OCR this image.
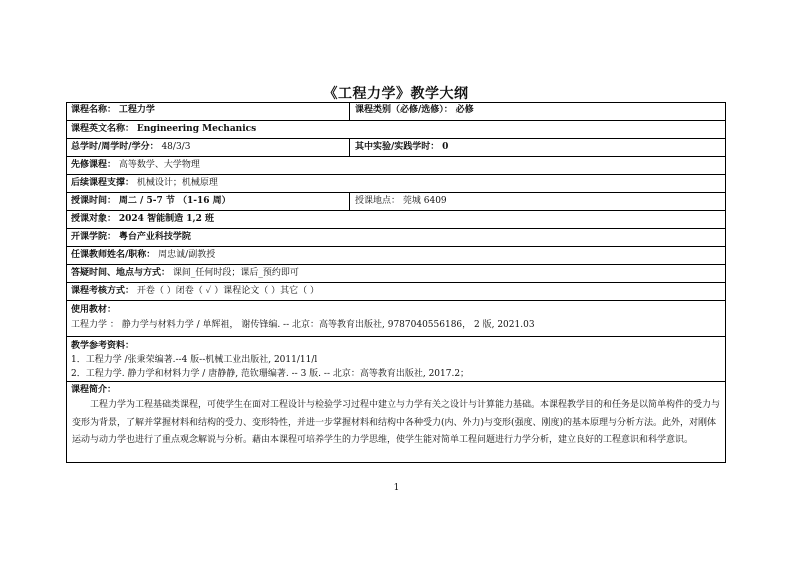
《工程力学》教学大纲
课程名称： 工程力学	课程类别（必修/选修）： 必修
课程英文名称： Engineering Mechanics
总学时/周学时/学分： 48/3/3	其中实验/实践学时： 0
先修课程： 高等数学、大学物理
后续课程支撑： 机械设计；机械原理
授课时间： 周二 / 5-7 节 （1-16 周）	授课地点： 莞城 6409
授课对象： 2024 智能制造 1,2 班
开课学院： 粤台产业科技学院
任课教师姓名/职称： 周忠诚/副教授
答疑时间、地点与方式： 课间_任何时段；课后_预约即可
课程考核方式： 开卷（ ）闭卷（ ✓ ）课程论文（ ）其它（ ）
使用教材：
工程力学 ： 静力学与材料力学 / 单辉祖， 谢传锋编. -- 北京：高等教育出版社, 9787040556186， 2 版, 2021.03
教学参考资料：
1．工程力学 /张秉荣编著.--4 版--机械工业出版社, 2011/11/l
2．工程力学. 静力学和材料力学 / 唐静静, 范钦珊编著. -- 3 版. -- 北京：高等教育出版社, 2017.2；
课程简介：
工程力学为工程基础类课程，可使学生在面对工程设计与检验学习过程中建立与力学有关之设计与计算能力基础。本课程教学目的和任务是以简单构件的受力与变形为背景，了解并掌握材料和结构的受力、变形特性，并进一步掌握材料和结构中各种受力(内、外力)与变形(强度、刚度)的基本原理与分析方法。此外，对刚体运动与动力学也进行了重点观念解说与分析。藉由本课程可培养学生的力学思维，使学生能对简单工程问题进行力学分析，建立良好的工程意识和科学意识。
1
